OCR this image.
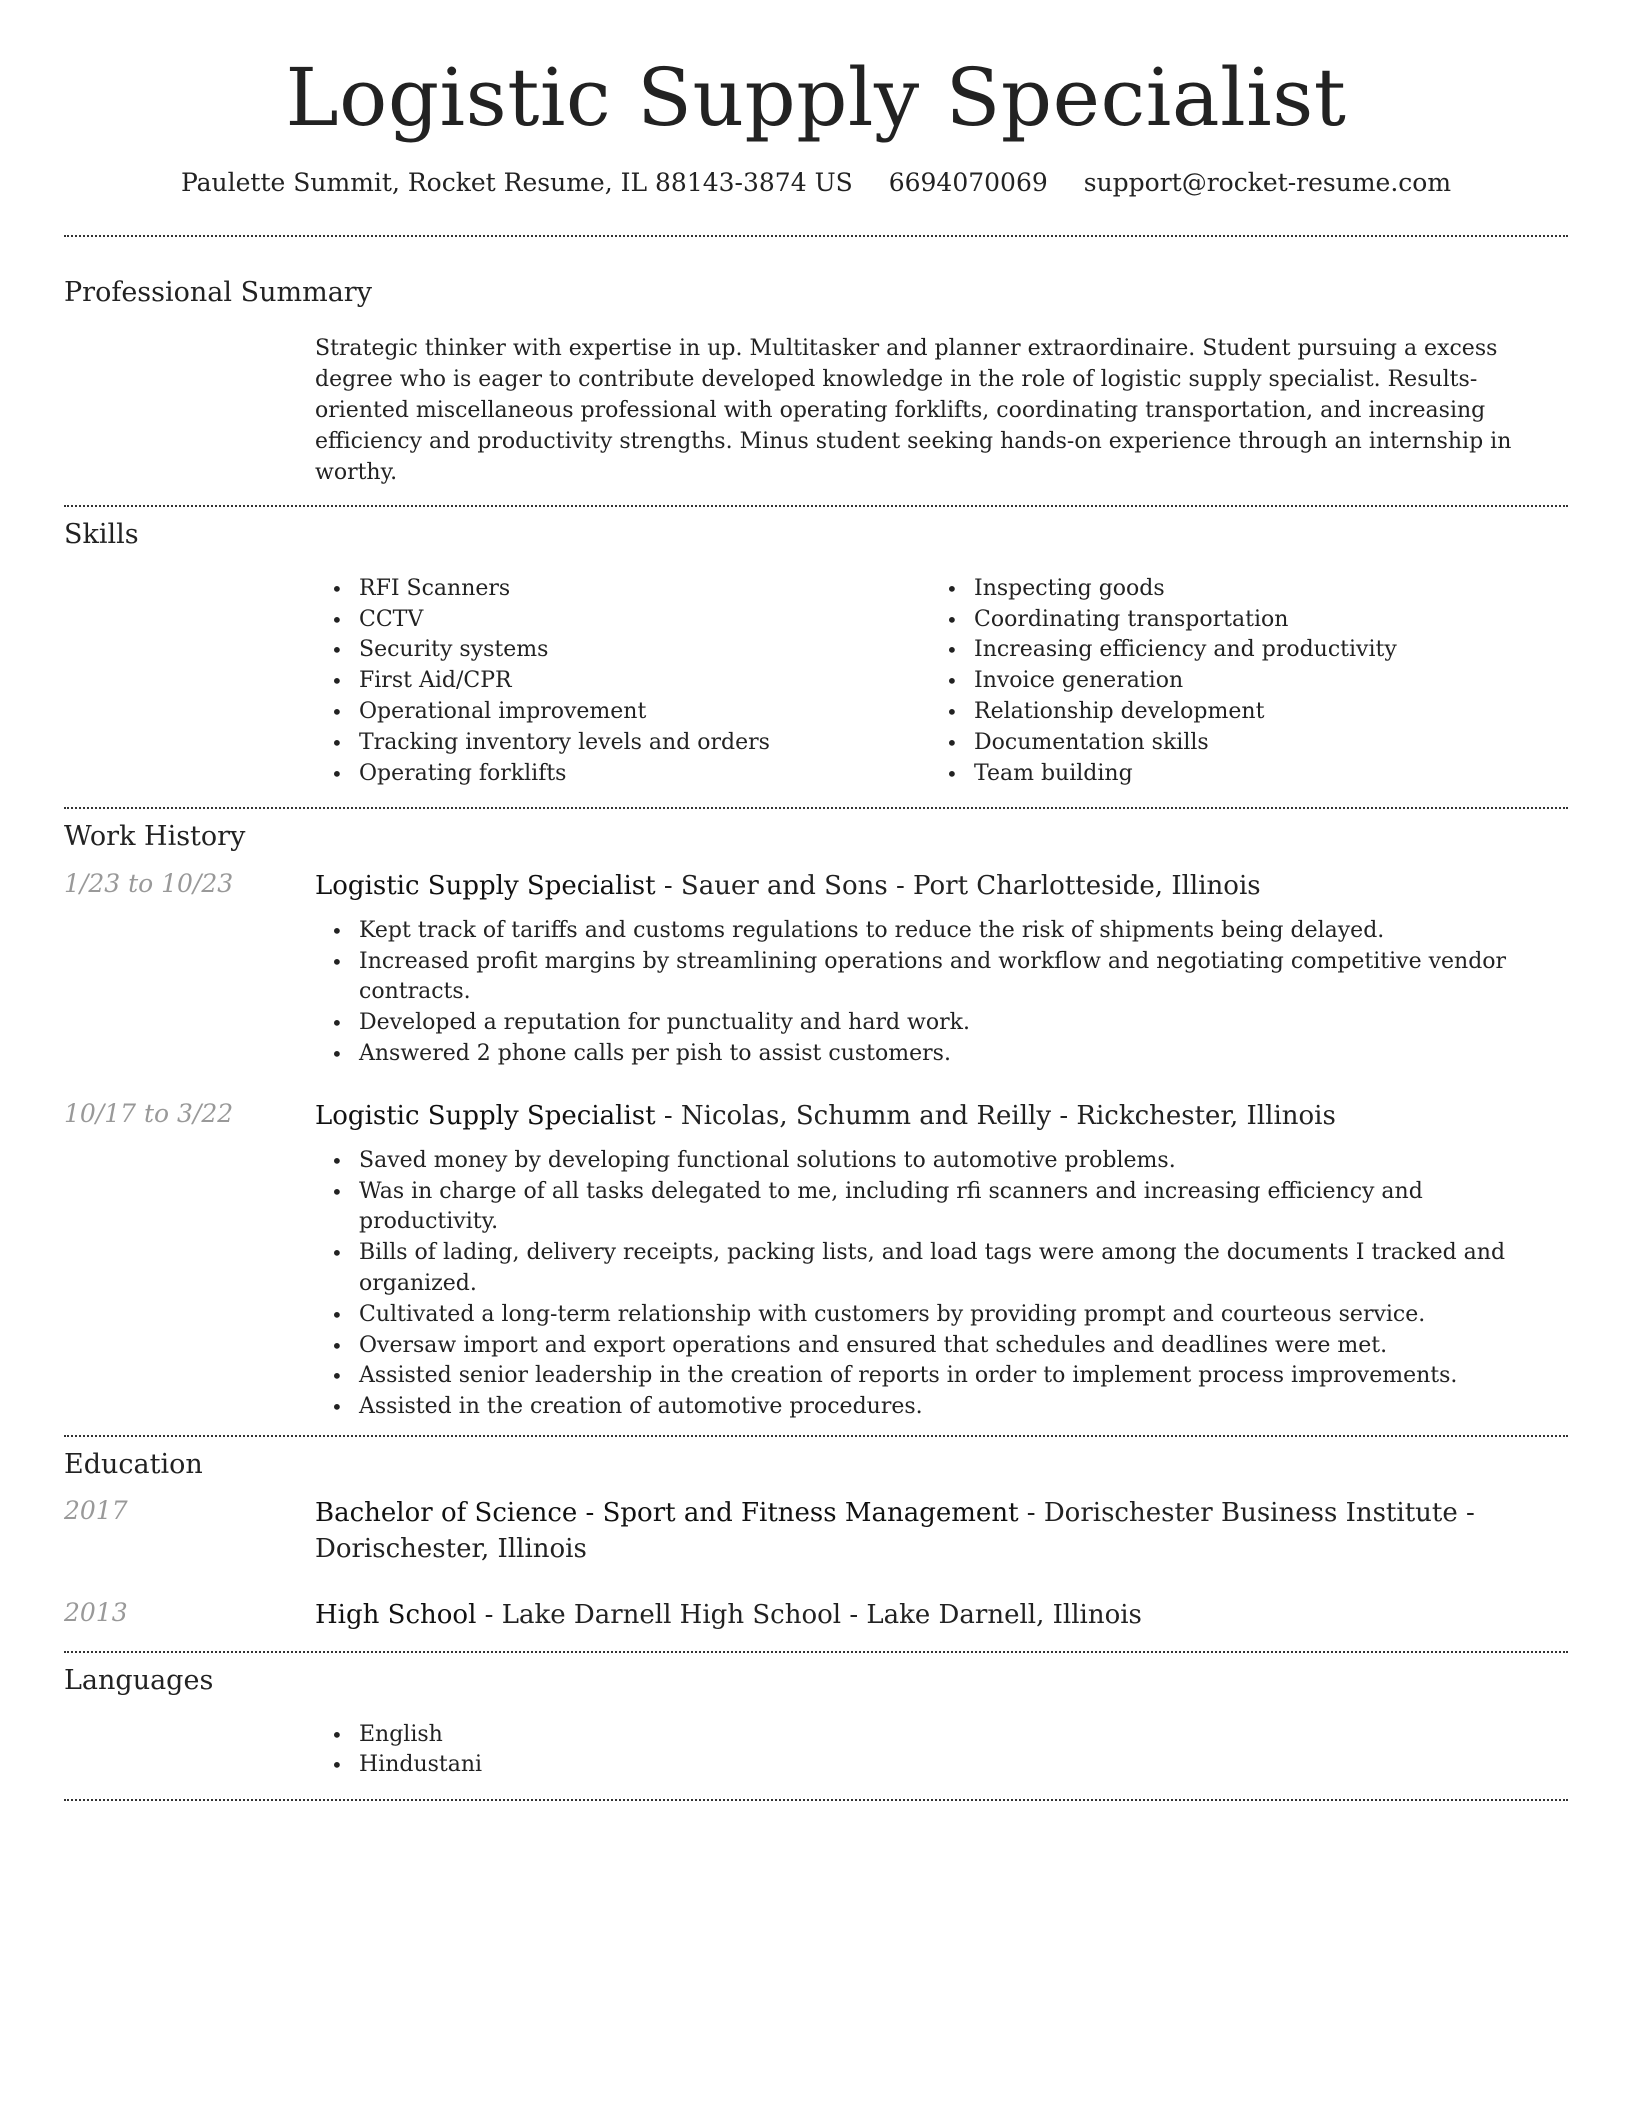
Logistic Supply Specialist
Paulette Summit, Rocket Resume, IL 88143-3874 US 6694070069 support@rocket-resume.com
Professional Summary

Strategic thinker with expertise in up. Multitasker and planner extraordinaire. Student pursuing a excess degree who is eager to contribute developed knowledge in the role of logistic supply specialist. Results-oriented miscellaneous professional with operating forklifts, coordinating transportation, and increasing efficiency and productivity strengths. Minus student seeking hands-on experience through an internship in worthy.

Skills
• RFI Scanners
• CCTV
• Security systems
• First Aid/CPR
• Operational improvement
• Tracking inventory levels and orders
• Operating forklifts
• Inspecting goods
• Coordinating transportation
• Increasing efficiency and productivity
• Invoice generation
• Relationship development
• Documentation skills
• Team building
Work History
1/23 to 10/23	Logistic Supply Specialist - Sauer and Sons - Port Charlotteside, Illinois
• Kept track of tariffs and customs regulations to reduce the risk of shipments being delayed.
• Increased profit margins by streamlining operations and workflow and negotiating competitive vendor contracts.
• Developed a reputation for punctuality and hard work.
• Answered 2 phone calls per pish to assist customers.
10/17 to 3/22	Logistic Supply Specialist - Nicolas, Schumm and Reilly - Rickchester, Illinois
• Saved money by developing functional solutions to automotive problems.
• Was in charge of all tasks delegated to me, including rfi scanners and increasing efficiency and productivity.
• Bills of lading, delivery receipts, packing lists, and load tags were among the documents I tracked and organized.
• Cultivated a long-term relationship with customers by providing prompt and courteous service.
• Oversaw import and export operations and ensured that schedules and deadlines were met.
• Assisted senior leadership in the creation of reports in order to implement process improvements.
• Assisted in the creation of automotive procedures.
Education
2017	Bachelor of Science - Sport and Fitness Management - Dorischester Business Institute - Dorischester, Illinois
2013	High School - Lake Darnell High School - Lake Darnell, Illinois
Languages
• English
• Hindustani
